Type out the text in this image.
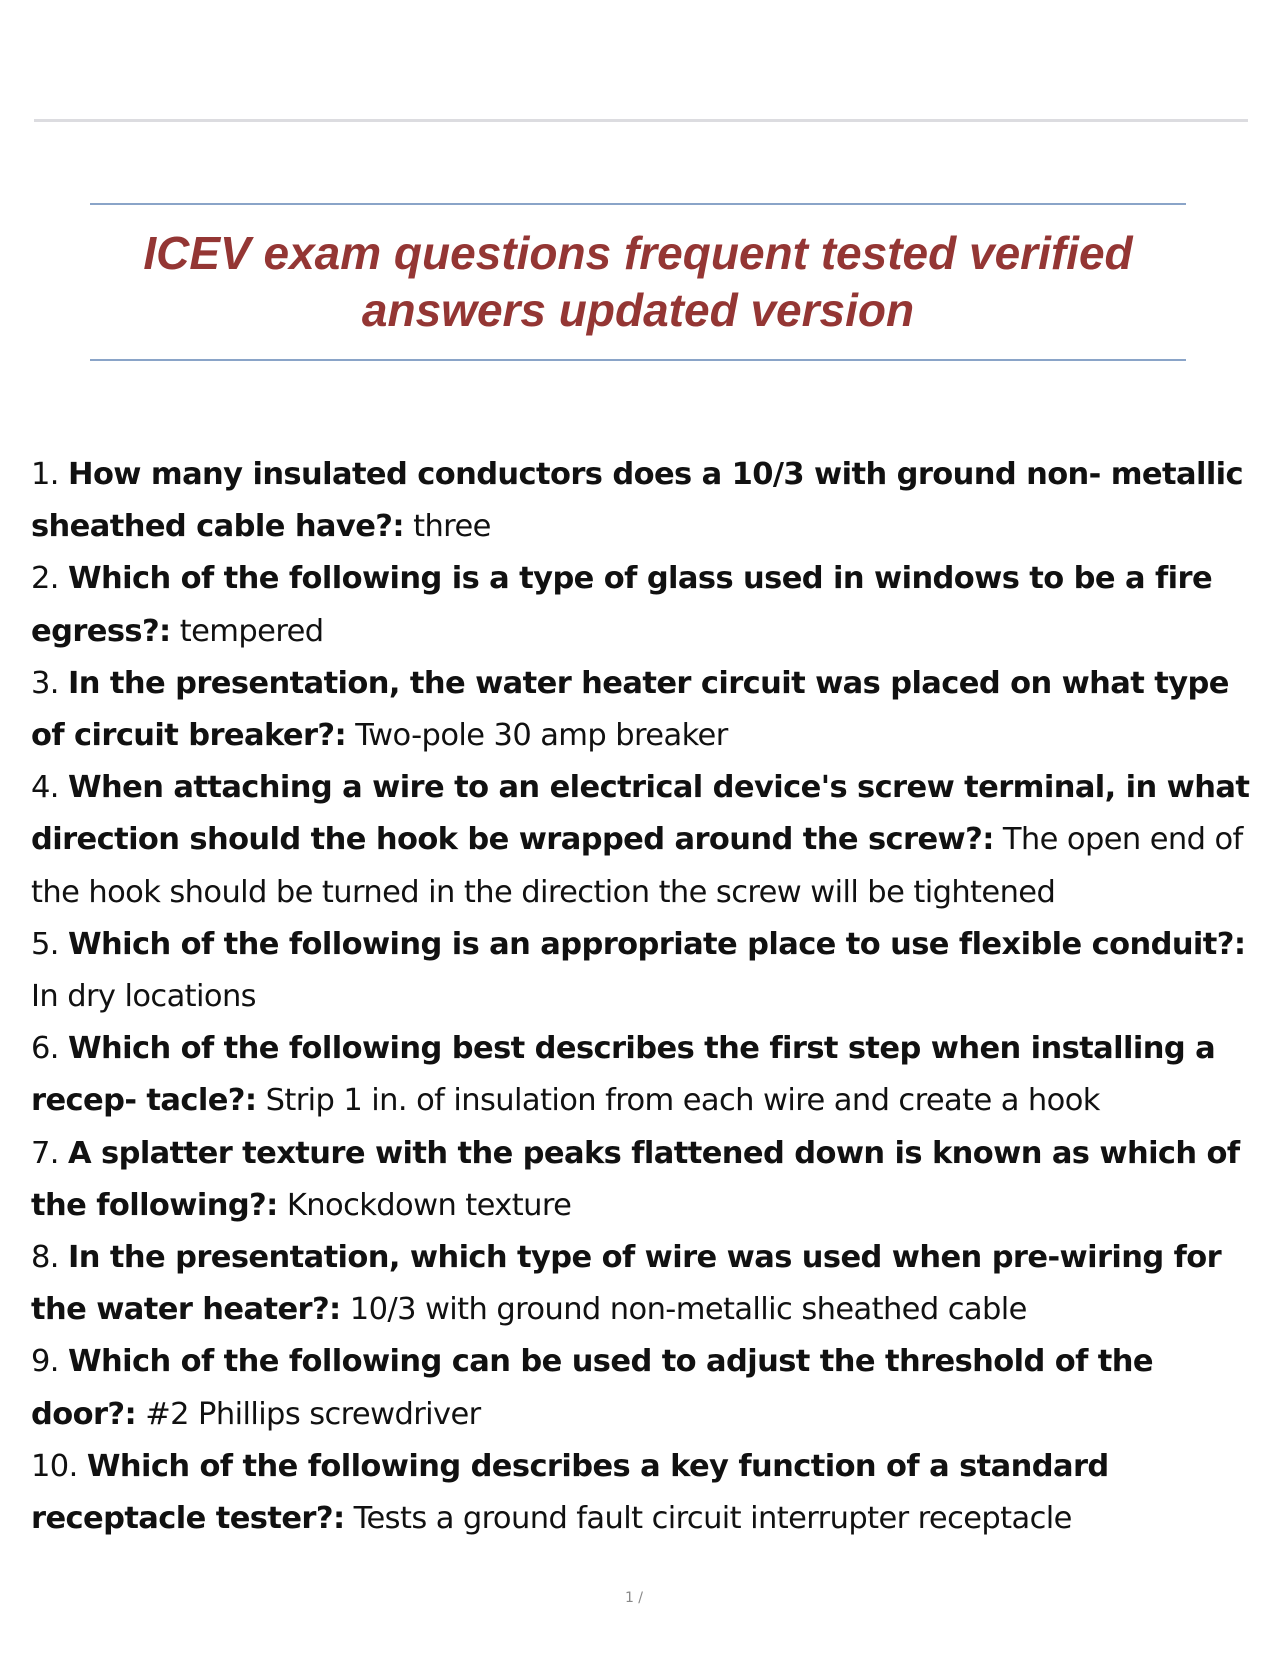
ICEV exam questions frequent tested verified
answers updated version
1. How many insulated conductors does a 10/3 with ground non- metallic sheathed cable have?: three
2. Which of the following is a type of glass used in windows to be a fire egress?: tempered
3. In the presentation, the water heater circuit was placed on what type of circuit breaker?: Two-pole 30 amp breaker
4. When attaching a wire to an electrical device's screw terminal, in what direction should the hook be wrapped around the screw?: The open end of the hook should be turned in the direction the screw will be tightened
5. Which of the following is an appropriate place to use flexible conduit?: In dry locations
6. Which of the following best describes the first step when installing a recep- tacle?: Strip 1 in. of insulation from each wire and create a hook
7. A splatter texture with the peaks flattened down is known as which of the following?: Knockdown texture
8. In the presentation, which type of wire was used when pre-wiring for the water heater?: 10/3 with ground non-metallic sheathed cable
9. Which of the following can be used to adjust the threshold of the door?: #2 Phillips screwdriver
10. Which of the following describes a key function of a standard receptacle tester?: Tests a ground fault circuit interrupter receptacle
1 /
